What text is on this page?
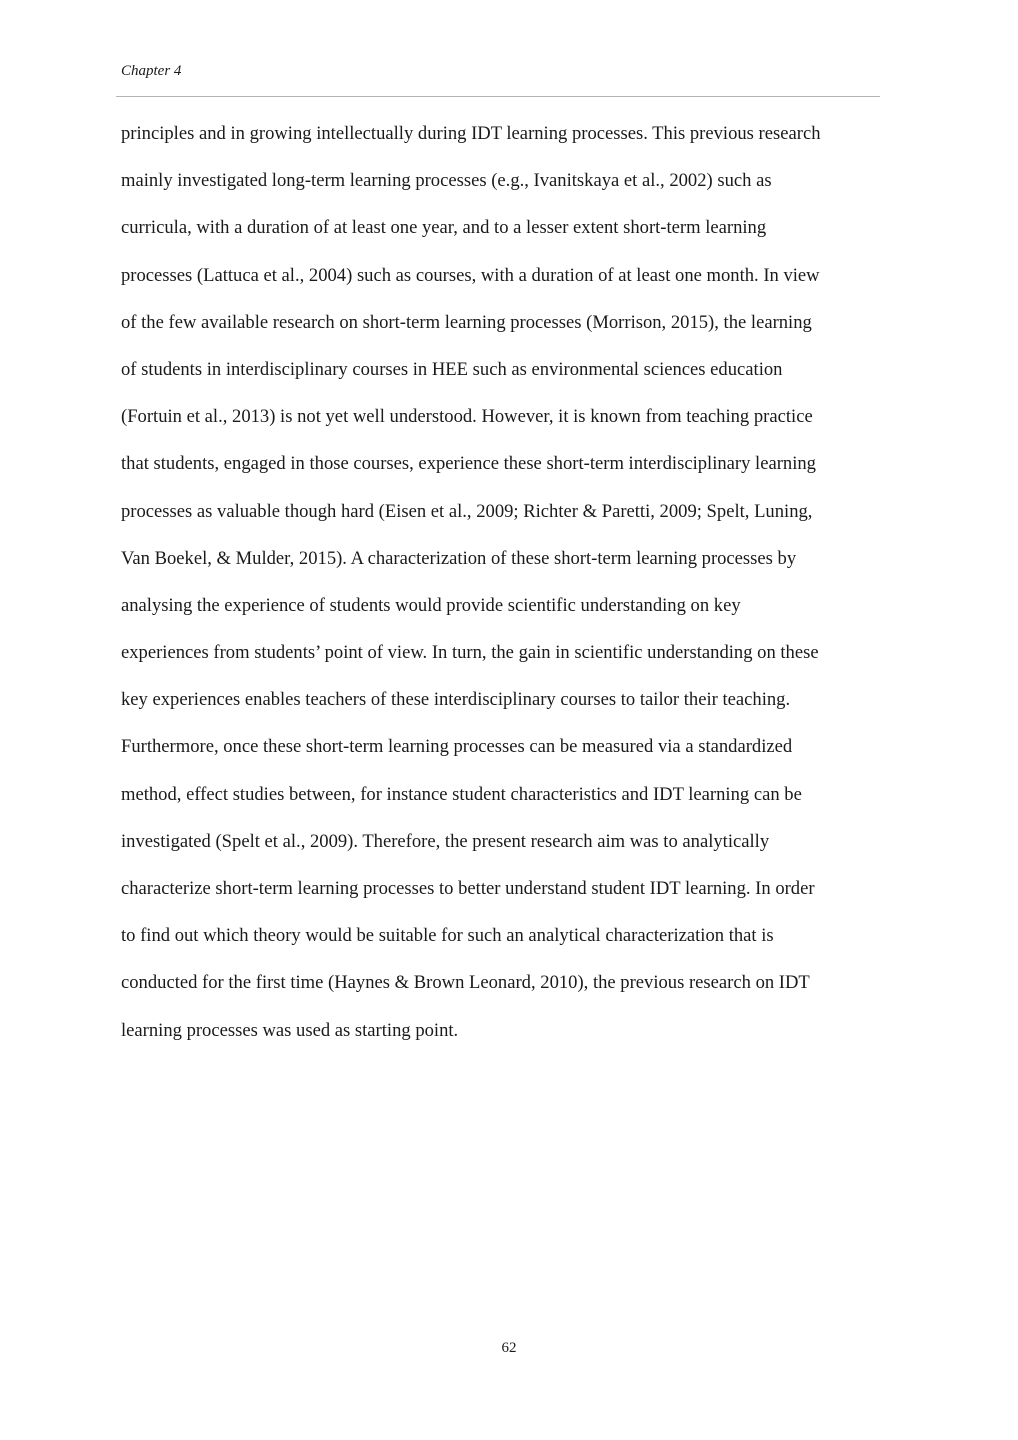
Chapter 4
principles and in growing intellectually during IDT learning processes. This previous research
mainly investigated long-term learning processes (e.g., Ivanitskaya et al., 2002) such as
curricula, with a duration of at least one year, and to a lesser extent short-term learning
processes (Lattuca et al., 2004) such as courses, with a duration of at least one month. In view
of the few available research on short-term learning processes (Morrison, 2015), the learning
of students in interdisciplinary courses in HEE such as environmental sciences education
(Fortuin et al., 2013) is not yet well understood. However, it is known from teaching practice
that students, engaged in those courses, experience these short-term interdisciplinary learning
processes as valuable though hard (Eisen et al., 2009; Richter & Paretti, 2009; Spelt, Luning,
Van Boekel, & Mulder, 2015). A characterization of these short-term learning processes by
analysing the experience of students would provide scientific understanding on key
experiences from students’ point of view. In turn, the gain in scientific understanding on these
key experiences enables teachers of these interdisciplinary courses to tailor their teaching.
Furthermore, once these short-term learning processes can be measured via a standardized
method, effect studies between, for instance student characteristics and IDT learning can be
investigated (Spelt et al., 2009). Therefore, the present research aim was to analytically
characterize short-term learning processes to better understand student IDT learning. In order
to find out which theory would be suitable for such an analytical characterization that is
conducted for the first time (Haynes & Brown Leonard, 2010), the previous research on IDT
learning processes was used as starting point.
62
